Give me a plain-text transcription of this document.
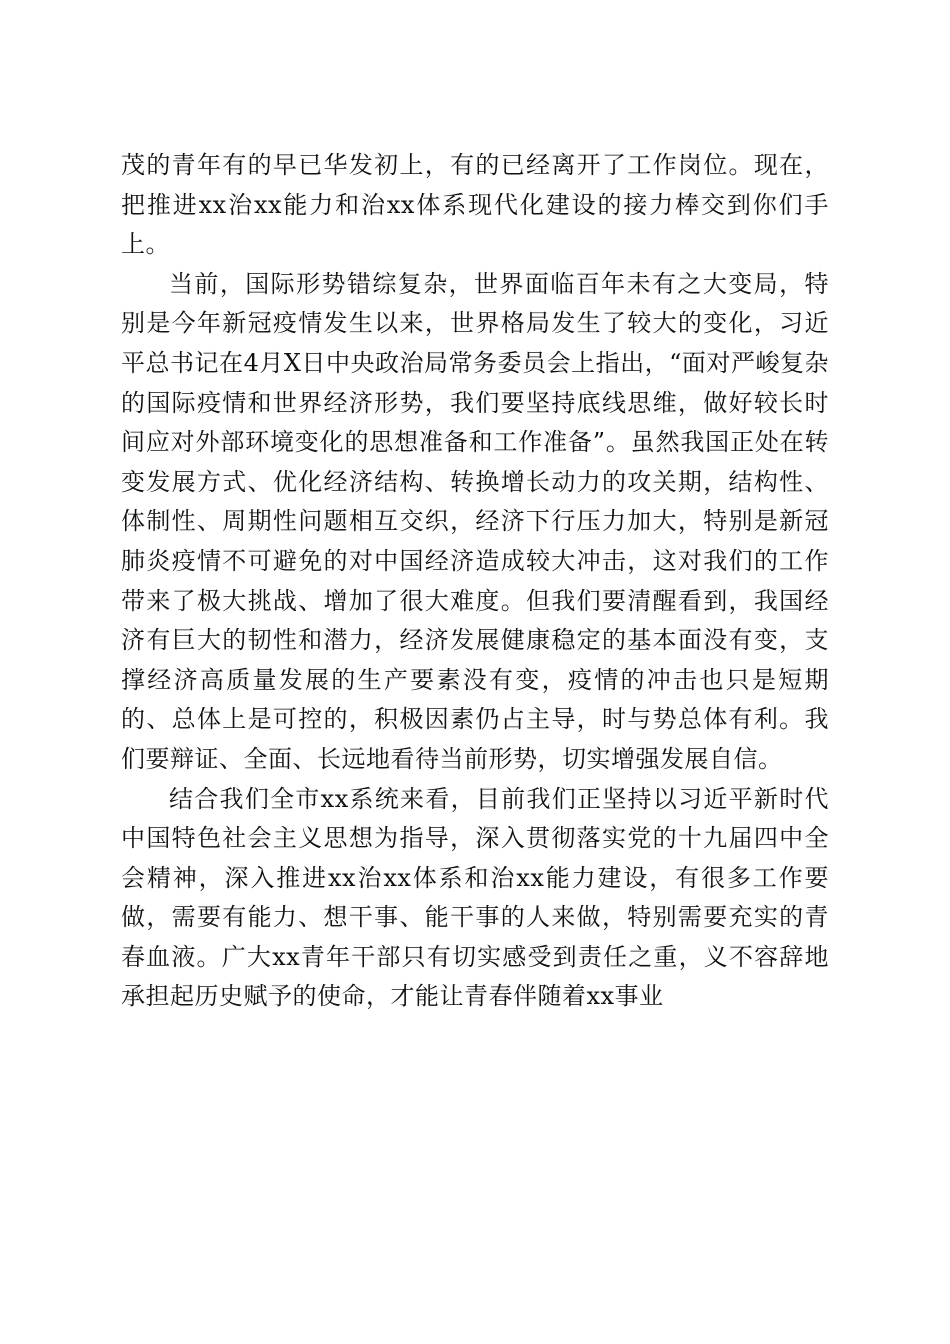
茂的青年有的早已华发初上，有的已经离开了工作岗位。现在，把推进xx治xx能力和治xx体系现代化建设的接力棒交到你们手上。

当前，国际形势错综复杂，世界面临百年未有之大变局，特别是今年新冠疫情发生以来，世界格局发生了较大的变化，习近平总书记在4月X日中央政治局常务委员会上指出，“面对严峻复杂的国际疫情和世界经济形势，我们要坚持底线思维，做好较长时间应对外部环境变化的思想准备和工作准备”。虽然我国正处在转变发展方式、优化经济结构、转换增长动力的攻关期，结构性、体制性、周期性问题相互交织，经济下行压力加大，特别是新冠肺炎疫情不可避免的对中国经济造成较大冲击，这对我们的工作带来了极大挑战、增加了很大难度。但我们要清醒看到，我国经济有巨大的韧性和潜力，经济发展健康稳定的基本面没有变，支撑经济高质量发展的生产要素没有变，疫情的冲击也只是短期的、总体上是可控的，积极因素仍占主导，时与势总体有利。我们要辩证、全面、长远地看待当前形势，切实增强发展自信。

结合我们全市xx系统来看，目前我们正坚持以习近平新时代中国特色社会主义思想为指导，深入贯彻落实党的十九届四中全会精神，深入推进xx治xx体系和治xx能力建设，有很多工作要做，需要有能力、想干事、能干事的人来做，特别需要充实的青春血液。广大xx青年干部只有切实感受到责任之重，义不容辞地承担起历史赋予的使命，才能让青春伴随着xx事业
